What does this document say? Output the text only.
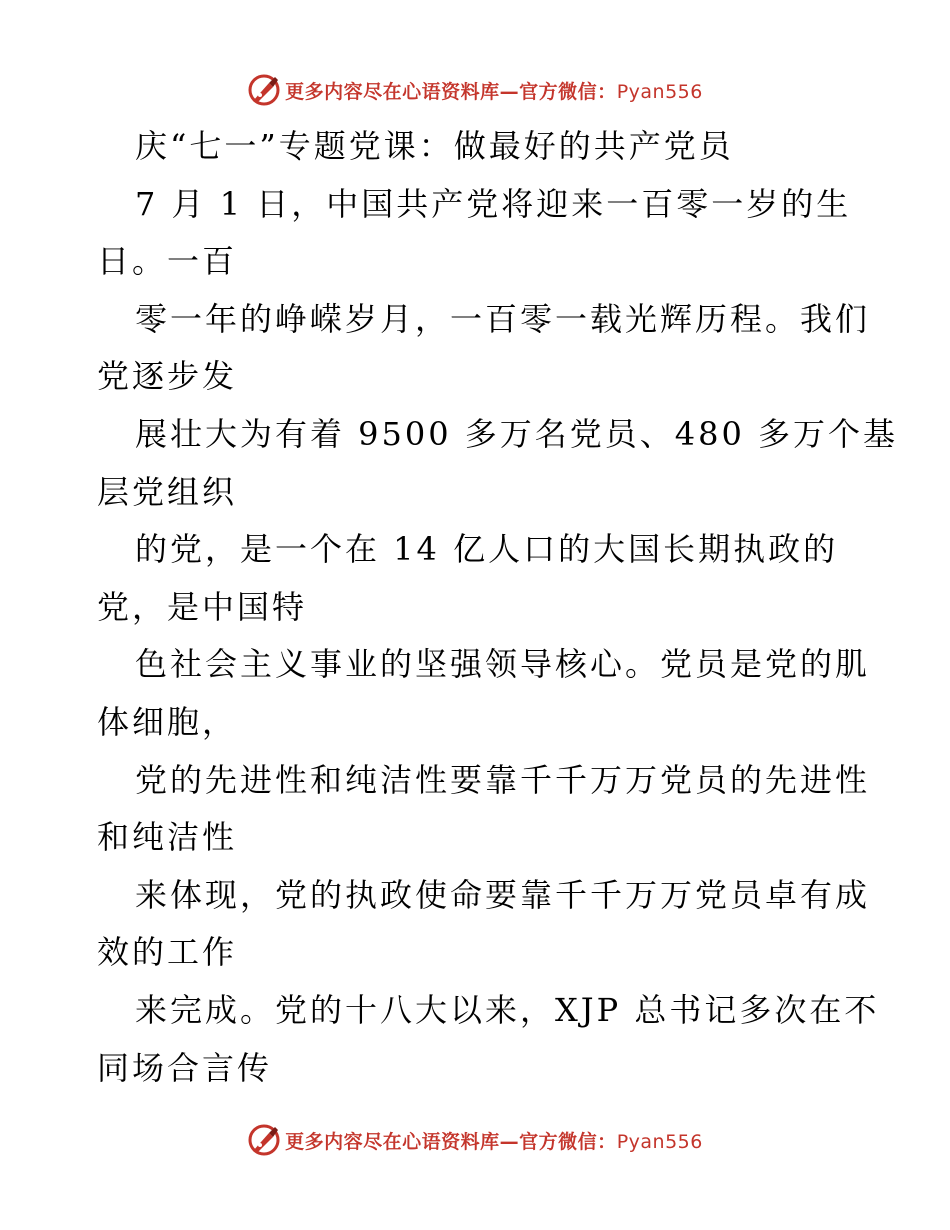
更多内容尽在心语资料库—官方微信：Pyan556
庆“七一”专题党课：做最好的共产党员
7 月 1 日，中国共产党将迎来一百零一岁的生
日。一百
零一年的峥嵘岁月，一百零一载光辉历程。我们
党逐步发
展壮大为有着 9500 多万名党员、480 多万个基
层党组织
的党，是一个在 14 亿人口的大国长期执政的
党，是中国特
色社会主义事业的坚强领导核心。党员是党的肌
体细胞，
党的先进性和纯洁性要靠千千万万党员的先进性
和纯洁性
来体现，党的执政使命要靠千千万万党员卓有成
效的工作
来完成。党的十八大以来，XJP 总书记多次在不
同场合言传
更多内容尽在心语资料库—官方微信：Pyan556
